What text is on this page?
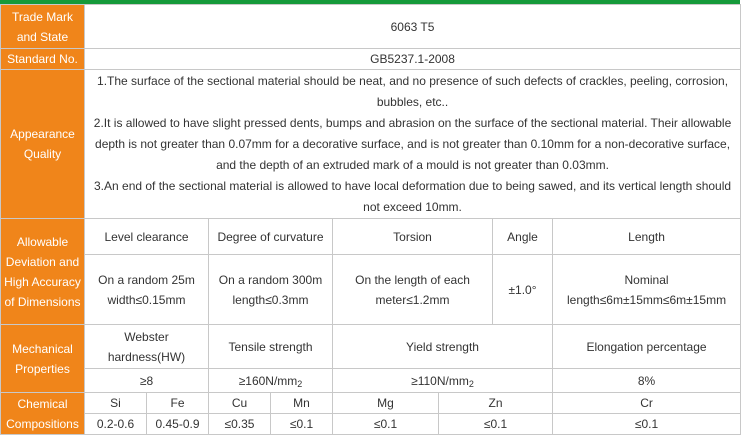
Trade Mark and State	6063 T5								
Standard No.	GB5237.1-2008								
Appearance Quality	1.The surface of the sectional material should be neat, and no presence of such defects of crackles, peeling, corrosion, bubbles, etc..
2.It is allowed to have slight pressed dents, bumps and abrasion on the surface of the sectional material. Their allowable depth is not greater than 0.07mm for a decorative surface, and is not greater than 0.10mm for a non-decorative surface, and the depth of an extruded mark of a mould is not greater than 0.03mm.
3.An end of the sectional material is allowed to have local deformation due to being sawed, and its vertical length should not exceed 10mm.								

Allowable Deviation and High Accuracy of Dimensions	Level clearance		Degree of curvature		Torsion		Angle	Length	
	On a random 25m width≤0.15mm		On a random 300m length≤0.3mm		On the length of each meter≤1.2mm		±1.0°	Nominal length≤6m±15mm≤6m±15mm	
Mechanical Properties	Webster hardness(HW)		Tensile strength		Yield strength			Elongation percentage	
	≥8		$\ge 160N/mm_2$		$\ge 110N/mm_2$			8%	
Chemical Compositions	Si	Fe	Cu	Mn	Mg	Zn		Cr	
	0.2-0.6	0.45-0.9	≤0.35	≤0.1	≤0.1	≤0.1		≤0.1	
